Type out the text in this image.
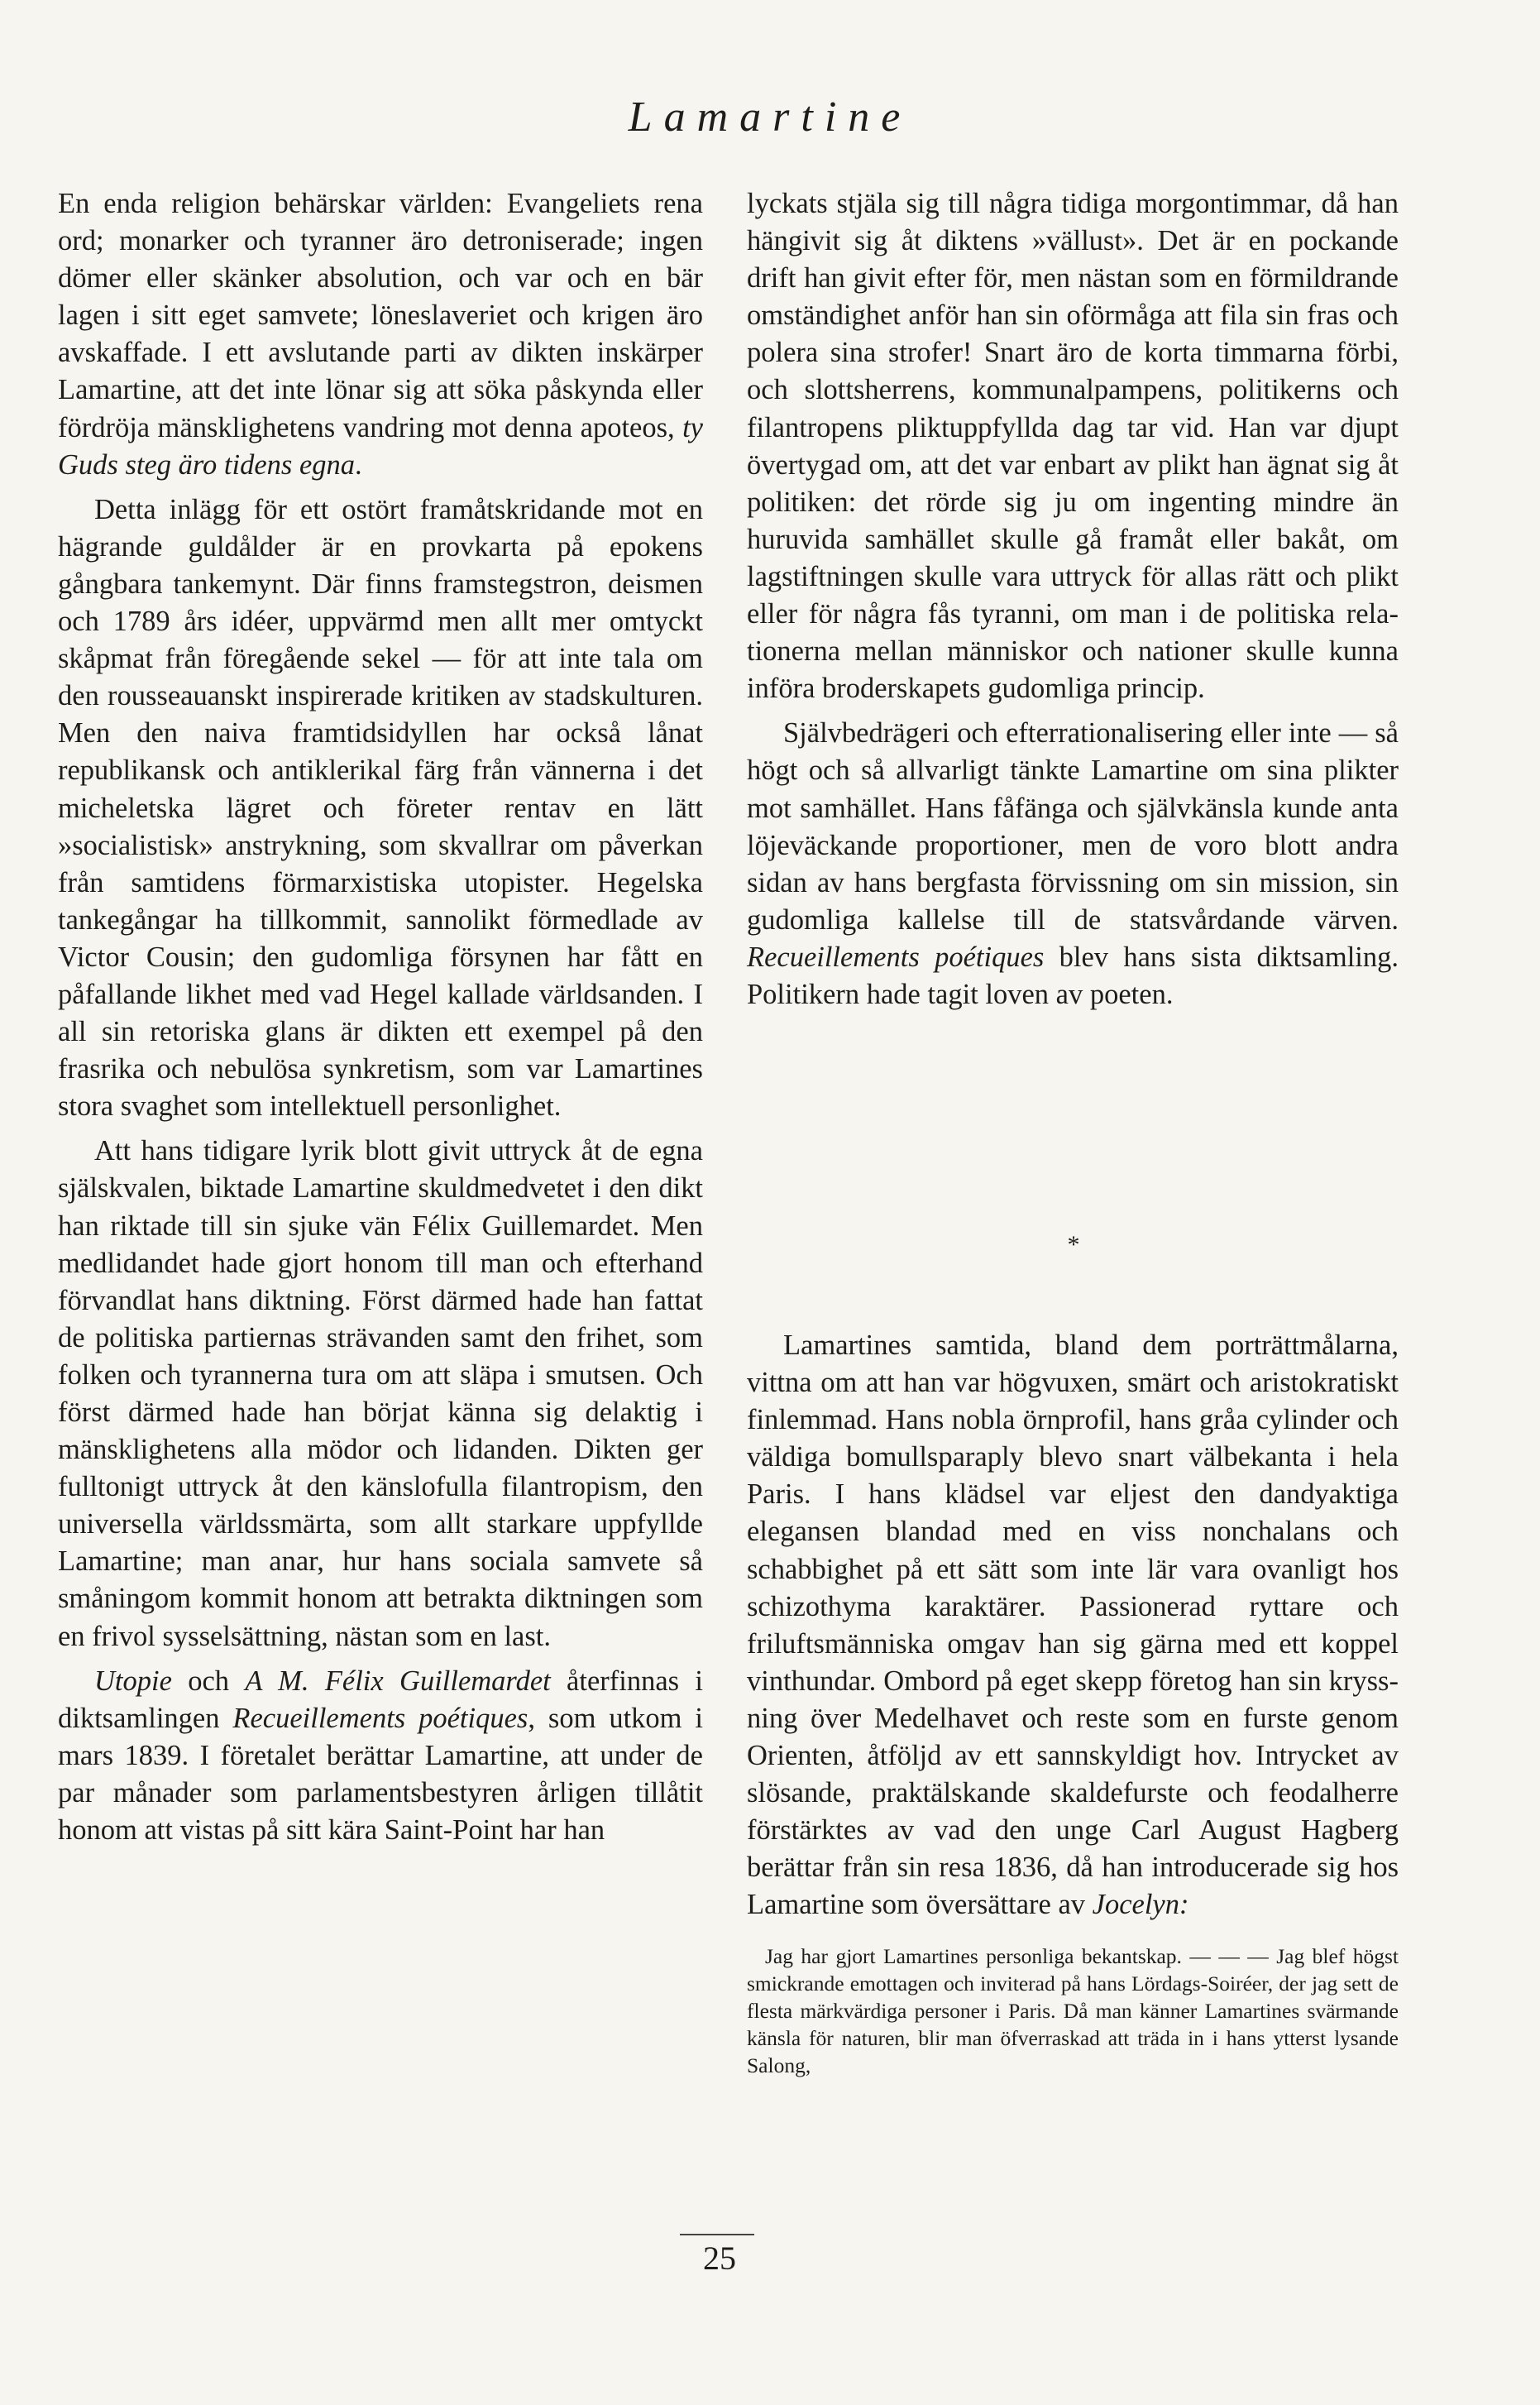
Lamartine

En enda religion behärskar världen: Evangeliets rena ord; monarker och tyranner äro detroniserade; ingen dömer eller skänker absolution, och var och en bär lagen i sitt eget samvete; löneslaveriet och krigen äro avskaffade. I ett avslutande parti av dikten inskärper Lamartine, att det inte lönar sig att söka påskynda eller fördröja mänsklighetens vandring mot denna apoteos, ty Guds steg äro tidens egna.

Detta inlägg för ett ostört framåtskridande mot en hägrande guldålder är en provkarta på epokens gångbara tankemynt. Där finns framstegstron, deismen och 1789 års idéer, uppvärmd men allt mer omtyckt skåpmat från föregående sekel — för att inte tala om den rousseauanskt inspirerade kritiken av stadskulturen. Men den naiva framtidsidyllen har också lånat republikansk och antiklerikal färg från vännerna i det micheletska lägret och företer rentav en lätt »socialistisk» anstrykning, som skvallrar om påverkan från samtidens förmarxistiska utopister. Hegelska tankegångar ha tillkommit, sannolikt förmedlade av Victor Cousin; den gudomliga försynen har fått en påfallande likhet med vad Hegel kallade världsanden. I all sin retoriska glans är dikten ett exempel på den frasrika och nebulösa synkretism, som var Lamartines stora svaghet som intellektuell personlighet.

Att hans tidigare lyrik blott givit uttryck åt de egna själskvalen, biktade Lamartine skuldmedvetet i den dikt han riktade till sin sjuke vän Félix Guillemardet. Men medlidandet hade gjort honom till man och efterhand förvandlat hans diktning. Först därmed hade han fattat de politiska partiernas strävanden samt den frihet, som folken och tyrannerna tura om att släpa i smutsen. Och först därmed hade han börjat känna sig delaktig i mänsklighetens alla mödor och lidanden. Dikten ger fulltonigt uttryck åt den känslofulla filantropism, den universella världssmärta, som allt starkare uppfyllde Lamartine; man anar, hur hans sociala samvete så småningom kommit honom att betrakta diktningen som en frivol sysselsättning, nästan som en last.

Utopie och A M. Félix Guillemardet återfinnas i diktsamlingen Recueillements poétiques, som utkom i mars 1839. I företalet berättar Lamartine, att under de par månader som parlamentsbestyren årligen tillåtit honom att vistas på sitt kära Saint-Point har han

lyckats stjäla sig till några tidiga morgontimmar, då han hängivit sig åt diktens »vällust». Det är en pockande drift han givit efter för, men nästan som en förmildrande omständighet anför han sin oförmåga att fila sin fras och polera sina strofer! Snart äro de korta timmarna förbi, och slottsherrens, kommunalpampens, politikerns och filantropens pliktuppfyllda dag tar vid. Han var djupt övertygad om, att det var enbart av plikt han ägnat sig åt politiken: det rörde sig ju om ingenting mindre än huruvida samhället skulle gå framåt eller bakåt, om lagstiftningen skulle vara uttryck för allas rätt och plikt eller för några fås tyranni, om man i de politiska relationerna mellan människor och nationer skulle kunna införa broderskapets gudomliga princip.

Självbedrägeri och efterrationalisering eller inte — så högt och så allvarligt tänkte Lamartine om sina plikter mot samhället. Hans fåfänga och självkänsla kunde anta löjeväckande proportioner, men de voro blott andra sidan av hans bergfasta förvissning om sin mission, sin gudomliga kallelse till de statsvårdande värven. Recueillements poétiques blev hans sista diktsamling. Politikern hade tagit loven av poeten.

*

Lamartines samtida, bland dem porträttmålarna, vittna om att han var högvuxen, smärt och aristokratiskt finlemmad. Hans nobla örnprofil, hans gråa cylinder och väldiga bomullsparaply blevo snart välbekanta i hela Paris. I hans klädsel var eljest den dandyaktiga elegansen blandad med en viss nonchalans och schabbighet på ett sätt som inte lär vara ovanligt hos schizothyma karaktärer. Passionerad ryttare och friluftsmänniska omgav han sig gärna med ett koppel vinthundar. Ombord på eget skepp företog han sin kryssning över Medelhavet och reste som en furste genom Orienten, åtföljd av ett sannskyldigt hov. Intrycket av slösande, praktälskande skaldefurste och feodalherre förstärktes av vad den unge Carl August Hagberg berättar från sin resa 1836, då han introducerade sig hos Lamartine som översättare av Jocelyn:

Jag har gjort Lamartines personliga bekantskap. — — — Jag blef högst smickrande emottagen och inviterad på hans Lördags-Soiréer, der jag sett de flesta märkvärdiga personer i Paris. Då man känner Lamartines svärmande känsla för naturen, blir man öfverraskad att träda in i hans ytterst lysande Salong,

25
